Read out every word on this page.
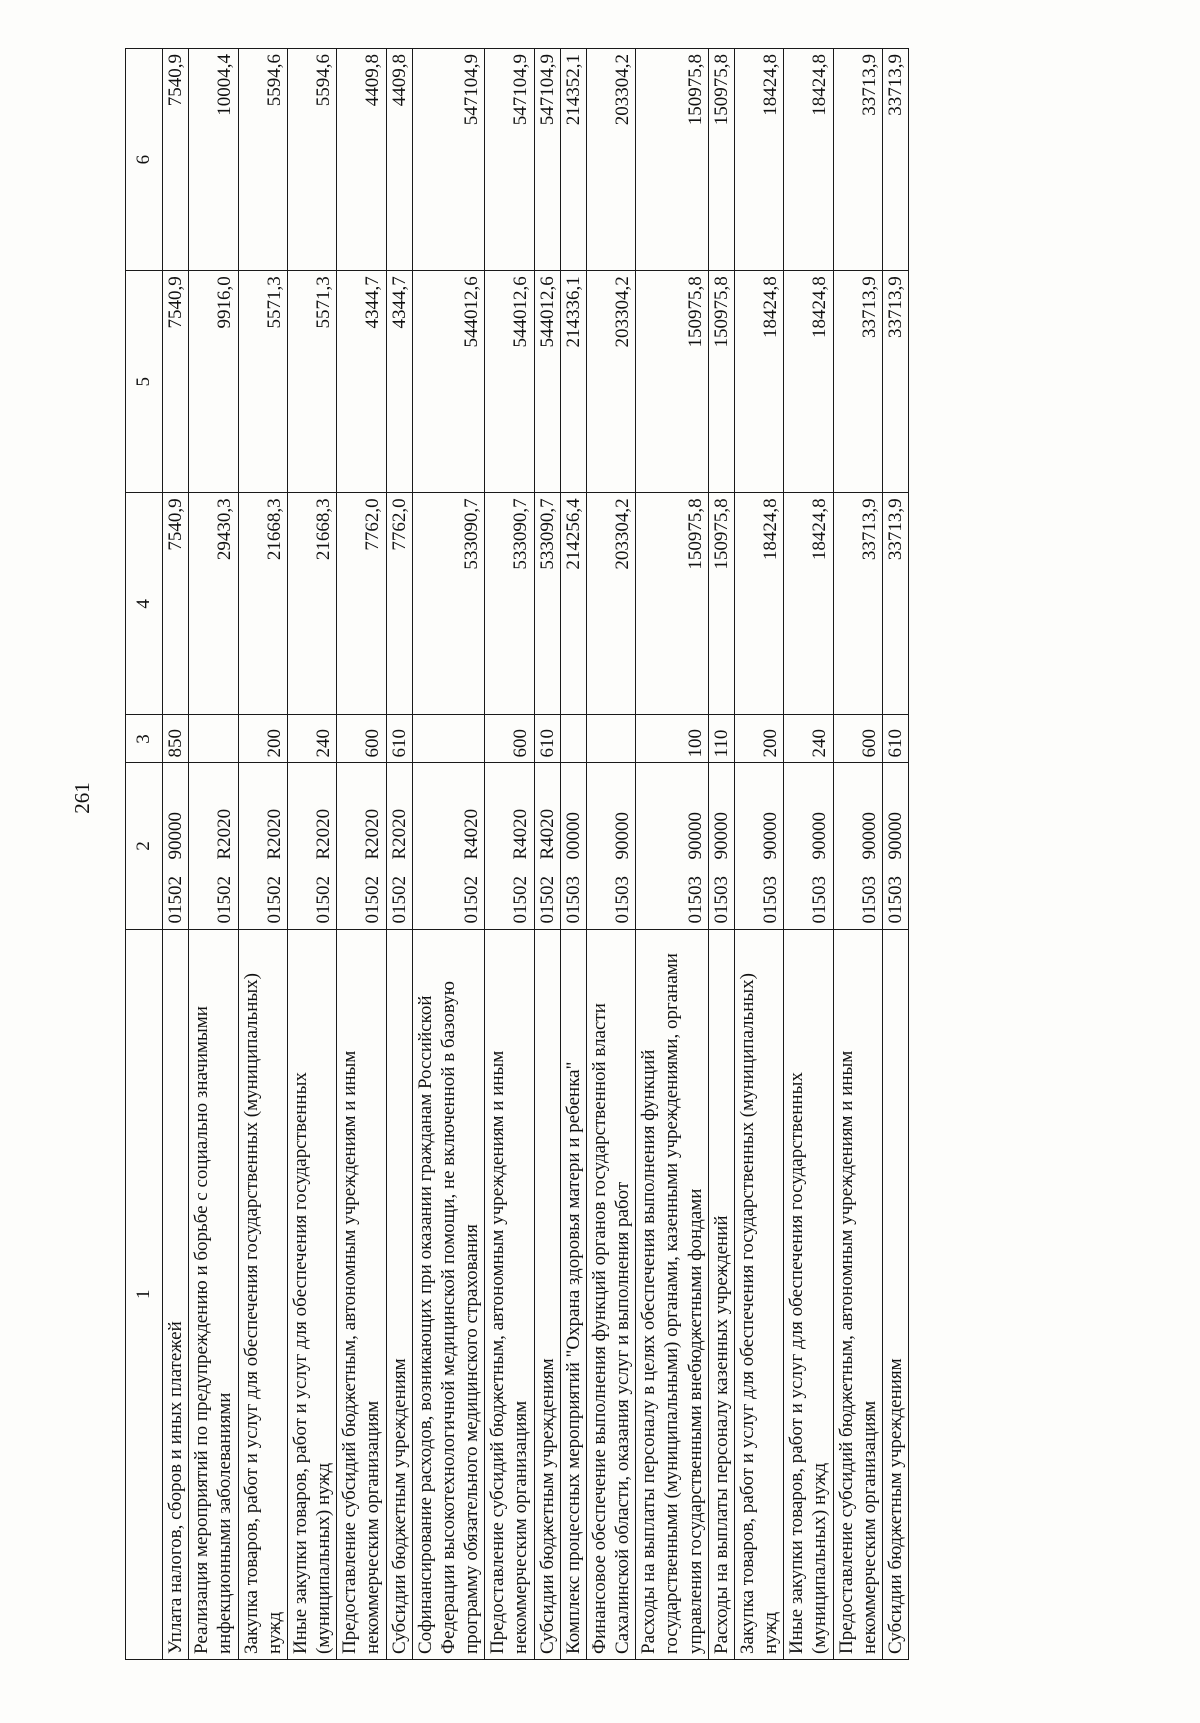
261
1	2	3	4	5	6
Уплата налогов, сборов и иных платежей	0150290000	850	7540,9	7540,9	7540,9
Реализация мероприятий по предупреждению и борьбе с социально значимыми инфекционными заболеваниями	01502R2020		29430,3	9916,0	10004,4
Закупка товаров, работ и услуг для обеспечения государственных (муниципальных) нужд	01502R2020	200	21668,3	5571,3	5594,6
Иные закупки товаров, работ и услуг для обеспечения государственных (муниципальных) нужд	01502R2020	240	21668,3	5571,3	5594,6
Предоставление субсидий бюджетным, автономным учреждениям и иным некоммерческим организациям	01502R2020	600	7762,0	4344,7	4409,8
Субсидии бюджетным учреждениям	01502R2020	610	7762,0	4344,7	4409,8
Софинансирование расходов, возникающих при оказании гражданам Российской Федерации высокотехнологичной медицинской помощи, не включенной в базовую программу обязательного медицинского страхования	01502R4020		533090,7	544012,6	547104,9
Предоставление субсидий бюджетным, автономным учреждениям и иным некоммерческим организациям	01502R4020	600	533090,7	544012,6	547104,9
Субсидии бюджетным учреждениям	01502R4020	610	533090,7	544012,6	547104,9
Комплекс процессных мероприятий "Охрана здоровья матери и ребенка"	0150300000		214256,4	214336,1	214352,1
Финансовое обеспечение выполнения функций органов государственной власти Сахалинской области, оказания услуг и выполнения работ	0150390000		203304,2	203304,2	203304,2
Расходы на выплаты персоналу в целях обеспечения выполнения функций государственными (муниципальными) органами, казенными учреждениями, органами управления государственными внебюджетными фондами	0150390000	100	150975,8	150975,8	150975,8
Расходы на выплаты персоналу казенных учреждений	0150390000	110	150975,8	150975,8	150975,8
Закупка товаров, работ и услуг для обеспечения государственных (муниципальных) нужд	0150390000	200	18424,8	18424,8	18424,8
Иные закупки товаров, работ и услуг для обеспечения государственных (муниципальных) нужд	0150390000	240	18424,8	18424,8	18424,8
Предоставление субсидий бюджетным, автономным учреждениям и иным некоммерческим организациям	0150390000	600	33713,9	33713,9	33713,9
Субсидии бюджетным учреждениям	0150390000	610	33713,9	33713,9	33713,9
